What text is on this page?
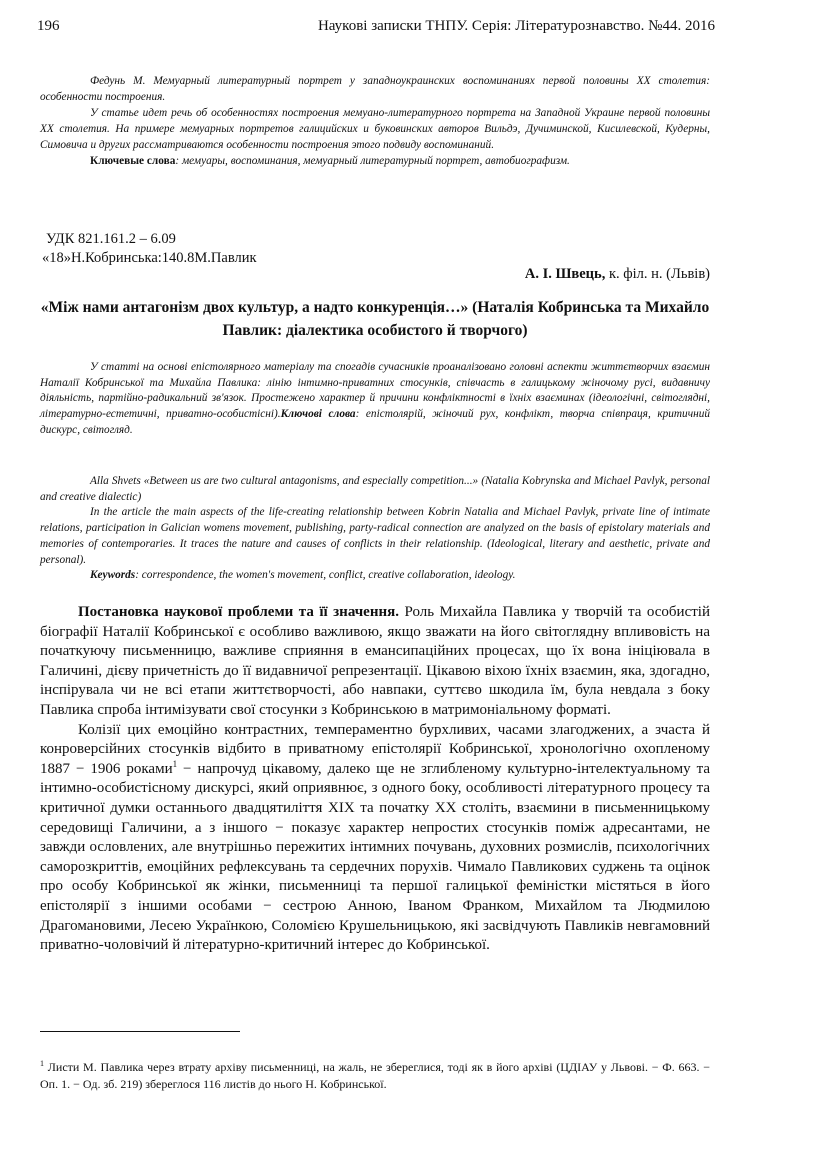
196	Наукові записки ТНПУ. Серія: Літературознавство. №44. 2016

Федунь М. Мемуарный литературный портрет у западноукраинских воспоминаниях первой половины XX столетия: особенности построения.

У статье идет речь об особенностях построения мемуано-литературного портрета на Западной Украине первой половины XX столетия. На примере мемуарных портретов галицийских и буковинских авторов Вильдэ, Дучиминской, Кисилевской, Кудерны, Симовича и других рассматриваются особенности построения этого подвиду воспоминаний.

Ключевые слова: мемуары, воспоминания, мемуарный литературный портрет, автобиографизм.

УДК 821.161.2 – 6.09
«18»Н.Кобринська:140.8М.Павлик
А. І. Швець, к. філ. н. (Львів)
«Між нами антагонізм двох культур, а надто конкуренція…» (Наталія Кобринська та Михайло Павлик: діалектика особистого й творчого)

У статті на основі епістолярного матеріалу та спогадів сучасників проаналізовано головні аспекти життєтворчих взаємин Наталії Кобринської та Михайла Павлика: лінію інтимно-приватних стосунків, співчасть в галицькому жіночому русі, видавничу діяльність, партійно-радикальний зв'язок. Простежено характер й причини конфліктності в їхніх взаєминах (ідеологічні, світоглядні, літературно-естетичні, приватно-особистісні).Ключові слова: епістолярій, жіночий рух, конфлікт, творча співпраця, критичний дискурс, світогляд.

Alla Shvets «Between us are two cultural antagonisms, and especially competition...» (Natalia Kobrynska and Michael Pavlyk, personal and creative dialectic)

In the article the main aspects of the life-creating relationship between Kobrin Natalia and Michael Pavlyk, private line of intimate relations, participation in Galician womens movement, publishing, party-radical connection are analyzed on the basis of epistolary materials and memories of contemporaries. It traces the nature and causes of conflicts in their relationship. (Ideological, literary and aesthetic, private and personal).

Keywords: correspondence, the women's movement, conflict, creative collaboration, ideology.

Постановка наукової проблеми та її значення. Роль Михайла Павлика у творчій та особистій біографії Наталії Кобринської є особливо важливою, якщо зважати на його світоглядну впливовість на початкуючу письменницю, важливе сприяння в емансипаційних процесах, що їх вона ініціювала в Галичині, дієву причетність до її видавничої репрезентації. Цікавою віхою їхніх взаємин, яка, здогадно, інспірувала чи не всі етапи життєтворчості, або навпаки, суттєво шкодила їм, була невдала з боку Павлика спроба інтимізувати свої стосунки з Кобринською в матримоніальному форматі.

Колізії цих емоційно контрастних, темпераментно бурхливих, часами злагоджених, а зчаста й конроверсійних стосунків відбито в приватному епістолярії Кобринської, хронологічно охопленому 1887 − 1906 роками$^1$ − напрочуд цікавому, далеко ще не зглибленому культурно-інтелектуальному та інтимно-особистісному дискурсі, який оприявнює, з одного боку, особливості літературного процесу та критичної думки останнього двадцятиліття XIX та початку XX століть, взаємини в письменницькому середовищі Галичини, а з іншого − показує характер непростих стосунків поміж адресантами, не завжди ословлених, але внутрішньо пережитих інтимних почувань, духовних розмислів, психологічних саморозкриттів, емоційних рефлексувань та сердечних порухів. Чимало Павликових суджень та оцінок про особу Кобринської як жінки, письменниці та першої галицької феміністки містяться в його епістолярії з іншими особами − сестрою Анною, Іваном Франком, Михайлом та Людмилою Драгомановими, Лесею Українкою, Соломією Крушельницькою, які засвідчують Павликів невгамовний приватно-чоловічий й літературно-критичний інтерес до Кобринської.

$^1$ Листи М. Павлика через втрату архіву письменниці, на жаль, не збереглися, тоді як в його архіві (ЦДІАУ у Львові. − Ф. 663. − Оп. 1. − Од. зб. 219) збереглося 116 листів до нього Н. Кобринської.
